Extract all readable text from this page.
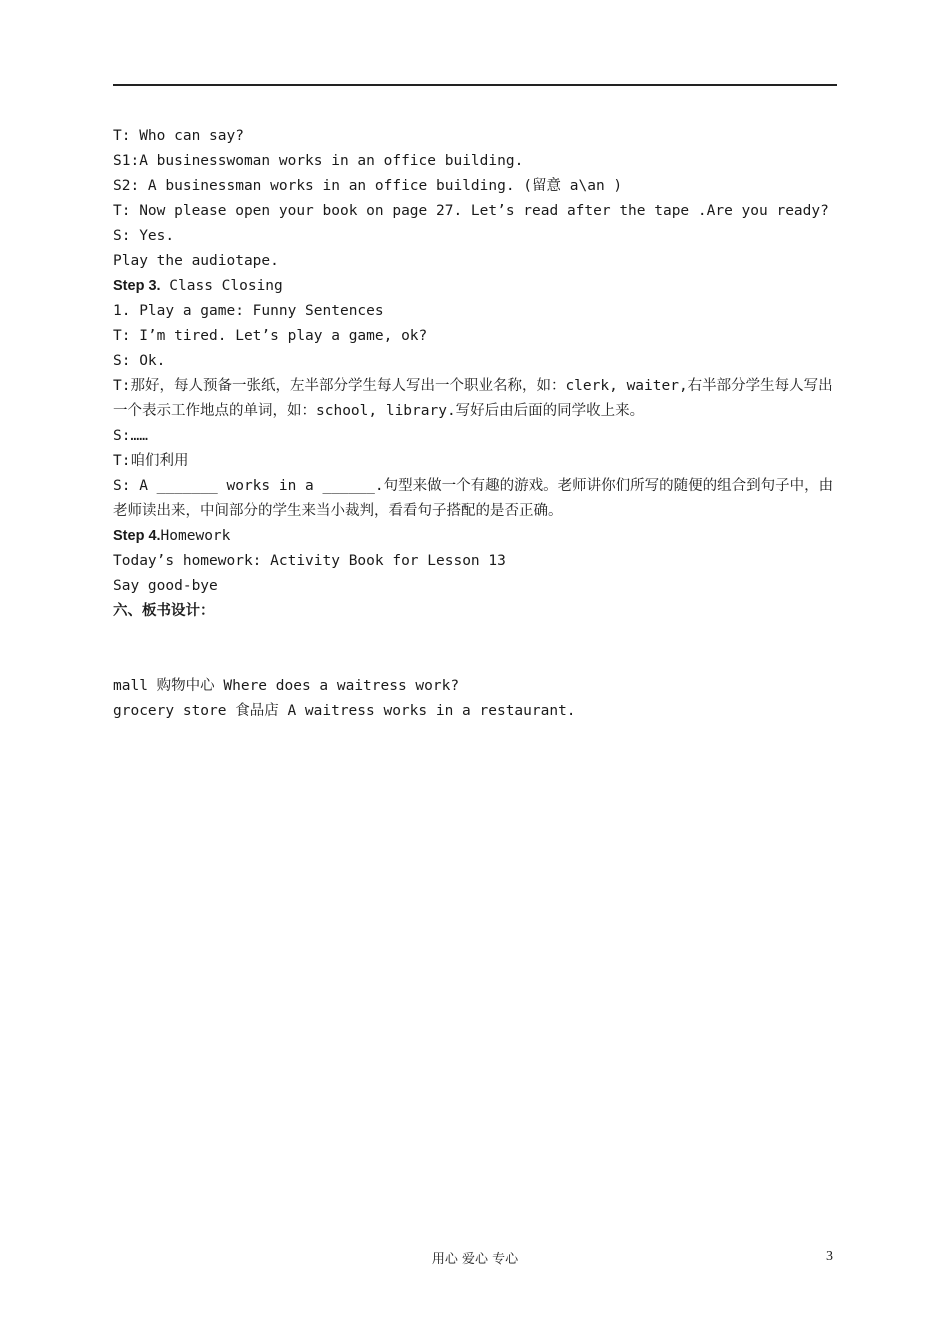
T: Who can say?
S1:A businesswoman works in an office building.
S2: A businessman works in an office building. (留意 a\an )
T: Now please open your book on page 27. Let’s read after the tape .Are you ready?
S: Yes.
Play the audiotape.
Step 3. Class Closing
1. Play a game: Funny Sentences
T: I’m tired. Let’s play a game, ok?
S: Ok.
T:那好，每人预备一张纸，左半部分学生每人写出一个职业名称，如：clerk, waiter,右半部分学生每人写出一个表示工作地点的单词，如：school, library.写好后由后面的同学收上来。
S:……
T:咱们利用
S: A _______ works in a ______.句型来做一个有趣的游戏。老师讲你们所写的随便的组合到句子中，由老师读出来，中间部分的学生来当小裁判，看看句子搭配的是否正确。
Step 4.Homework
Today’s homework: Activity Book for Lesson 13
Say good-bye
六、板书设计：
mall 购物中心 Where does a waitress work?
grocery store 食品店 A waitress works in a restaurant.
用心 爱心 专心	3
